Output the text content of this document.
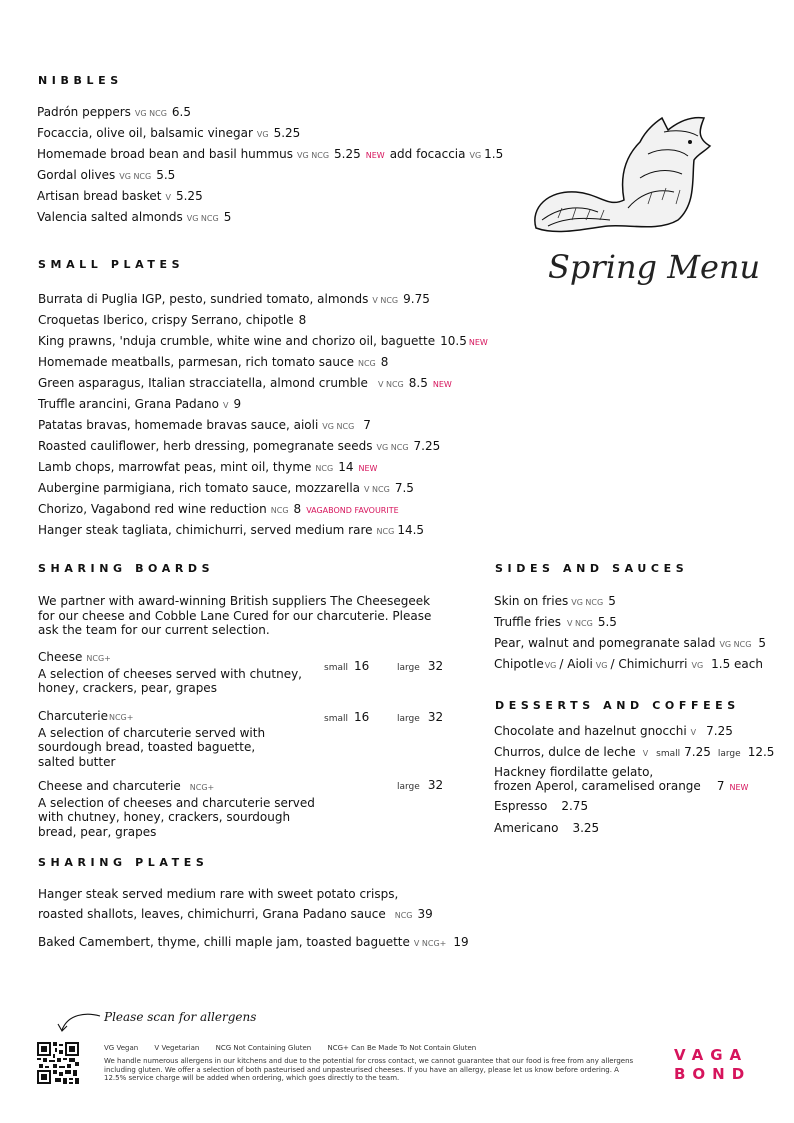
NIBBLES
Padrón peppers VG NCG 6.5
Focaccia, olive oil, balsamic vinegar VG 5.25
Homemade broad bean and basil hummus VG NCG 5.25 NEW add focaccia VG 1.5
Gordal olives VG NCG 5.5
Artisan bread basket V 5.25
Valencia salted almonds VG NCG 5
Spring Menu
SMALL PLATES
Burrata di Puglia IGP, pesto, sundried tomato, almonds V NCG 9.75
Croquetas Iberico, crispy Serrano, chipotle 8
King prawns, 'nduja crumble, white wine and chorizo oil, baguette 10.5 NEW
Homemade meatballs, parmesan, rich tomato sauce NCG 8
Green asparagus, Italian stracciatella, almond crumble V NCG 8.5 NEW
Truffle arancini, Grana Padano V 9
Patatas bravas, homemade bravas sauce, aioli VG NCG 7
Roasted cauliflower, herb dressing, pomegranate seeds VG NCG 7.25
Lamb chops, marrowfat peas, mint oil, thyme NCG 14 NEW
Aubergine parmigiana, rich tomato sauce, mozzarella V NCG 7.5
Chorizo, Vagabond red wine reduction NCG 8 VAGABOND FAVOURITE
Hanger steak tagliata, chimichurri, served medium rare NCG 14.5
SHARING BOARDS
We partner with award-winning British suppliers The Cheesegeek for our cheese and Cobble Lane Cured for our charcuterie. Please ask the team for our current selection.
Cheese NCG+
A selection of cheeses served with chutney, honey, crackers, pear, grapes
small 16	large 32
CharcuterieNCG+
A selection of charcuterie served with sourdough bread, toasted baguette, salted butter
small 16	large 32
Cheese and charcuterie NCG+
A selection of cheeses and charcuterie served with chutney, honey, crackers, sourdough bread, pear, grapes
large 32
SHARING PLATES
Hanger steak served medium rare with sweet potato crisps,
roasted shallots, leaves, chimichurri, Grana Padano sauce NCG 39
Baked Camembert, thyme, chilli maple jam, toasted baguette V NCG+ 19
SIDES AND SAUCES
Skin on fries VG NCG 5
Truffle fries V NCG 5.5
Pear, walnut and pomegranate salad VG NCG 5
ChipotleVG / Aioli VG / Chimichurri VG 1.5 each
DESSERTS AND COFFEES
Chocolate and hazelnut gnocchi V 7.25
Churros, dulce de leche V small 7.25 large 12.5
Hackney fiordilatte gelato,
frozen Aperol, caramelised orange 7 NEW
Espresso 2.75
Americano 3.25
Please scan for allergens
VG Vegan V Vegetarian NCG Not Containing Gluten NCG+ Can Be Made To Not Contain Gluten
We handle numerous allergens in our kitchens and due to the potential for cross contact, we cannot guarantee that our food is free from any allergens including gluten. We offer a selection of both pasteurised and unpasteurised cheeses. If you have an allergy, please let us know before ordering. A 12.5% service charge will be added when ordering, which goes directly to the team.
VAGA
BOND
